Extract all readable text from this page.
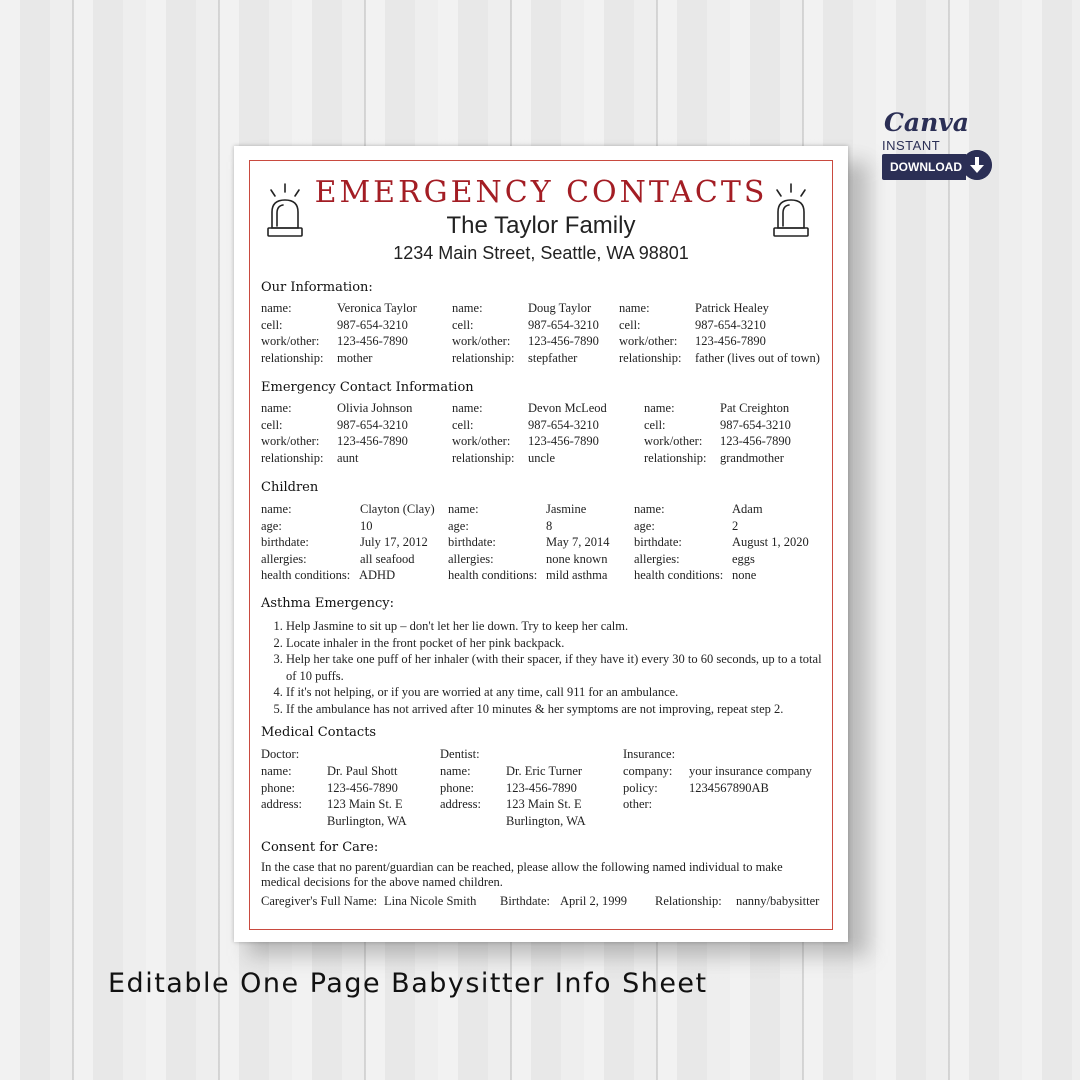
EMERGENCY CONTACTS
The Taylor Family
1234 Main Street, Seattle, WA 98801
Our Information:
name:
cell:
work/other:
relationship:
Veronica Taylor
987-654-3210
123-456-7890
mother
name:
cell:
work/other:
relationship:
Doug Taylor
987-654-3210
123-456-7890
stepfather
name:
cell:
work/other:
relationship:
Patrick Healey
987-654-3210
123-456-7890
father (lives out of town)
Emergency Contact Information
name:
cell:
work/other:
relationship:
Olivia Johnson
987-654-3210
123-456-7890
aunt
name:
cell:
work/other:
relationship:
Devon McLeod
987-654-3210
123-456-7890
uncle
name:
cell:
work/other:
relationship:
Pat Creighton
987-654-3210
123-456-7890
grandmother
Children
name:
age:
birthdate:
allergies:
health conditions:
Clayton (Clay)
10
July 17, 2012
all seafood
ADHD
name:
age:
birthdate:
allergies:
health conditions:
Jasmine
8
May 7, 2014
none known
mild asthma
name:
age:
birthdate:
allergies:
health conditions:
Adam
2
August 1, 2020
eggs
none
Asthma Emergency:
1. Help Jasmine to sit up – don't let her lie down. Try to keep her calm.
2. Locate inhaler in the front pocket of her pink backpack.
3. Help her take one puff of her inhaler (with their spacer, if they have it) every 30 to 60 seconds, up to a total of 10 puffs.
4. If it's not helping, or if you are worried at any time, call 911 for an ambulance.
5. If the ambulance has not arrived after 10 minutes & her symptoms are not improving, repeat step 2.
Medical Contacts
Doctor:
name:
phone:
address:
Dr. Paul Shott
123-456-7890
123 Main St. E
Burlington, WA
Dentist:
name:
phone:
address:
Dr. Eric Turner
123-456-7890
123 Main St. E
Burlington, WA
Insurance:
company:
policy:
other:
your insurance company
1234567890AB
Consent for Care:
In the case that no parent/guardian can be reached, please allow the following named individual to make medical decisions for the above named children.
Caregiver's Full Name: Lina Nicole Smith Birthdate: April 2, 1999 Relationship: nanny/babysitter
Canva
INSTANT
DOWNLOAD
Editable One Page Babysitter Info Sheet
